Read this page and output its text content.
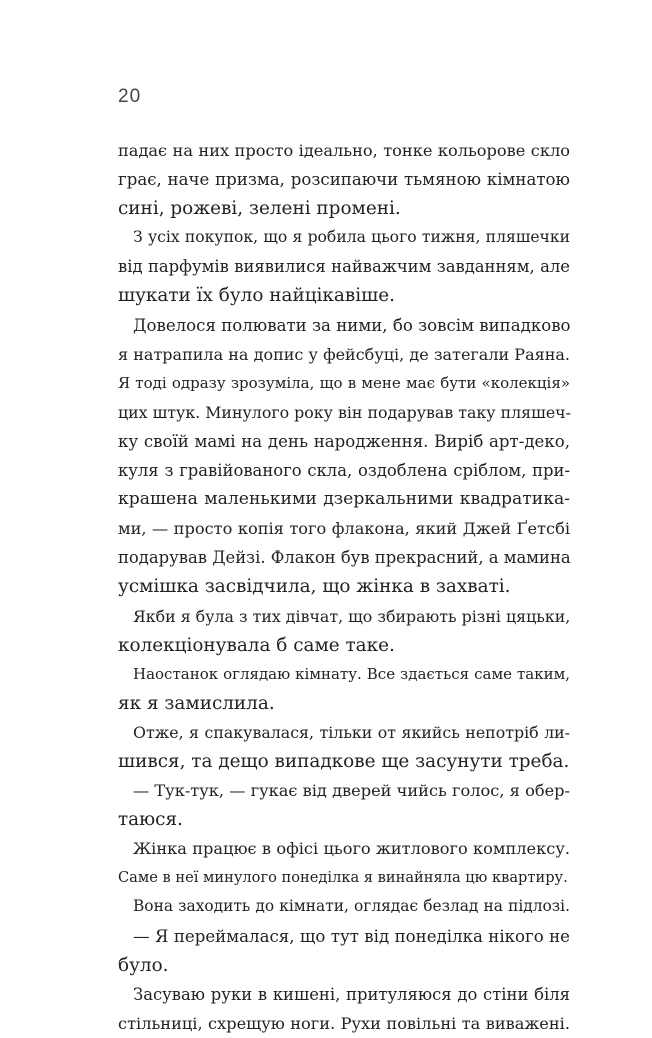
20
падає на них просто ідеально, тонке кольорове скло
грає, наче призма, розсипаючи тьмяною кімнатою
сині, рожеві, зелені промені.
З усіх покупок, що я робила цього тижня, пляшечки
від парфумів виявилися найважчим завданням, але
шукати їх було найцікавіше.
Довелося полювати за ними, бо зовсім випадково
я натрапила на допис у фейсбуці, де затегали Раяна.
Я тоді одразу зрозуміла, що в мене має бути «колекція»
цих штук. Минулого року він подарував таку пляшеч-
ку своїй мамі на день народження. Виріб арт-деко,
куля з гравійованого скла, оздоблена сріблом, при-
крашена маленькими дзеркальними квадратика-
ми, — просто копія того флакона, який Джей Ґетсбі
подарував Дейзі. Флакон був прекрасний, а мамина
усмішка засвідчила, що жінка в захваті.
Якби я була з тих дівчат, що збирають різні цяцьки,
колекціонувала б саме таке.
Наостанок оглядаю кімнату. Все здається саме таким,
як я замислила.
Отже, я спакувалася, тільки от якийсь непотріб ли-
шився, та дещо випадкове ще засунути треба.
— Тук-тук, — гукає від дверей чийсь голос, я обер-
таюся.
Жінка працює в офісі цього житлового комплексу.
Саме в неї минулого понеділка я винайняла цю квартиру.
Вона заходить до кімнати, оглядає безлад на підлозі.
— Я переймалася, що тут від понеділка нікого не
було.
Засуваю руки в кишені, притуляюся до стіни біля
стільниці, схрещую ноги. Рухи повільні та виважені.
